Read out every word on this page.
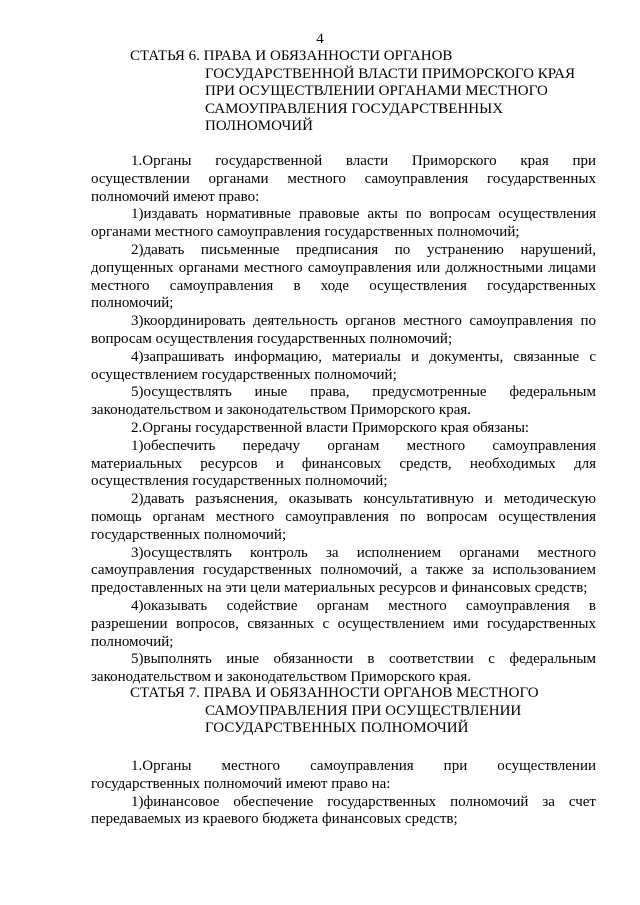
4
СТАТЬЯ 6. ПРАВА И ОБЯЗАННОСТИ ОРГАНОВ
ГОСУДАРСТВЕННОЙ ВЛАСТИ ПРИМОРСКОГО КРАЯ
ПРИ ОСУЩЕСТВЛЕНИИ ОРГАНАМИ МЕСТНОГО
САМОУПРАВЛЕНИЯ ГОСУДАРСТВЕННЫХ
ПОЛНОМОЧИЙ

1.Органы государственной власти Приморского края при осуществлении органами местного самоуправления государственных полномочий имеют право:

1)издавать нормативные правовые акты по вопросам осуществления органами местного самоуправления государственных полномочий;

2)давать письменные предписания по устранению нарушений, допущенных органами местного самоуправления или должностными лицами местного самоуправления в ходе осуществления государственных полномочий;

3)координировать деятельность органов местного самоуправления по вопросам осуществления государственных полномочий;

4)запрашивать информацию, материалы и документы, связанные с осуществлением государственных полномочий;

5)осуществлять иные права, предусмотренные федеральным законодательством и законодательством Приморского края.

2.Органы государственной власти Приморского края обязаны:

1)обеспечить передачу органам местного самоуправления материальных ресурсов и финансовых средств, необходимых для осуществления государственных полномочий;

2)давать разъяснения, оказывать консультативную и методическую помощь органам местного самоуправления по вопросам осуществления государственных полномочий;

3)осуществлять контроль за исполнением органами местного самоуправления государственных полномочий, а также за использованием предоставленных на эти цели материальных ресурсов и финансовых средств;

4)оказывать содействие органам местного самоуправления в разрешении вопросов, связанных с осуществлением ими государственных полномочий;

5)выполнять иные обязанности в соответствии с федеральным законодательством и законодательством Приморского края.

СТАТЬЯ 7. ПРАВА И ОБЯЗАННОСТИ ОРГАНОВ МЕСТНОГО
САМОУПРАВЛЕНИЯ ПРИ ОСУЩЕСТВЛЕНИИ
ГОСУДАРСТВЕННЫХ ПОЛНОМОЧИЙ

1.Органы местного самоуправления при осуществлении государственных полномочий имеют право на:

1)финансовое обеспечение государственных полномочий за счет передаваемых из краевого бюджета финансовых средств;
